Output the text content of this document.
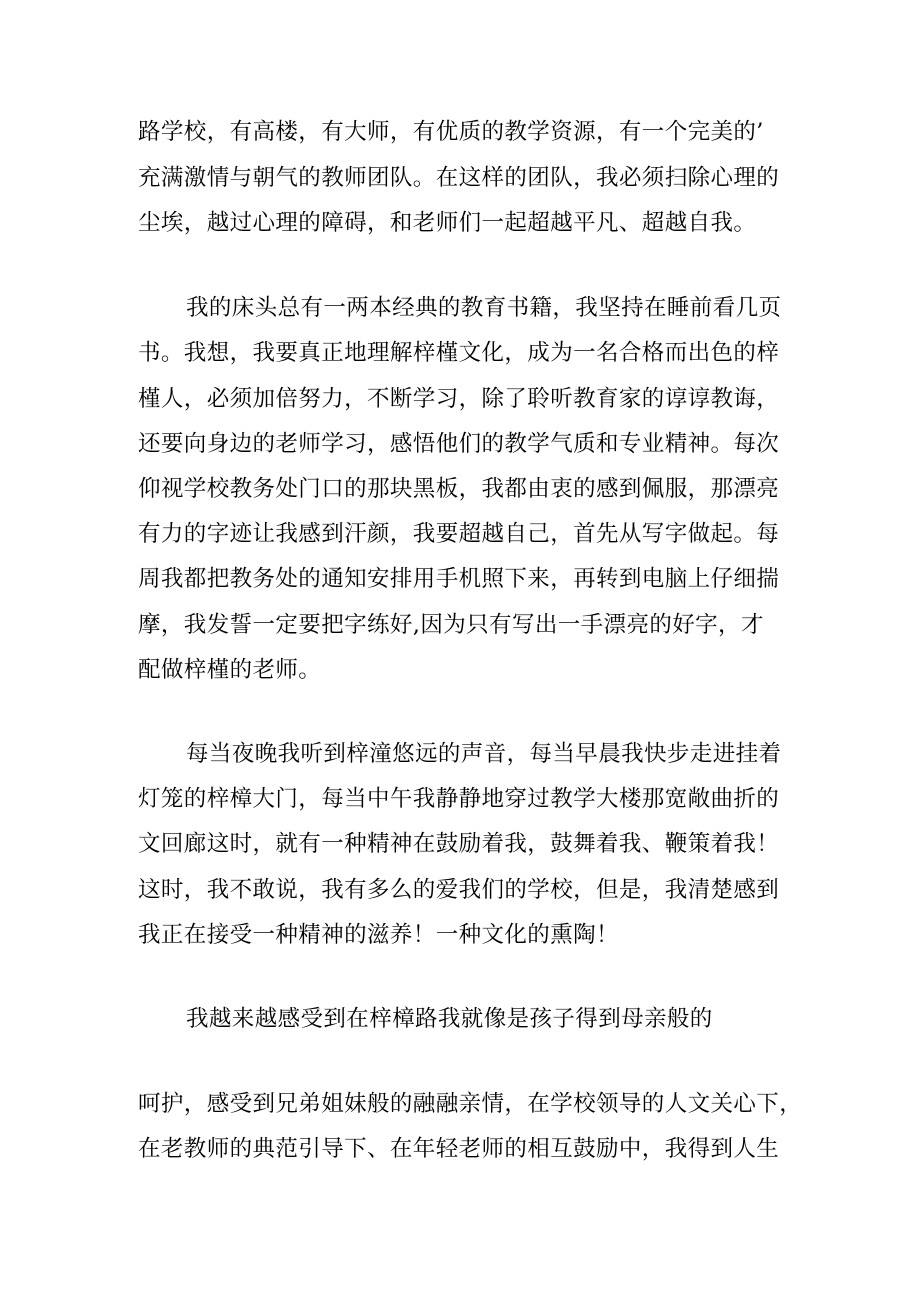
路学校，有高楼，有大师，有优质的教学资源，有一个完美的’
充满激情与朝气的教师团队。在这样的团队，我必须扫除心理的
尘埃，越过心理的障碍，和老师们一起超越平凡、超越自我。
我的床头总有一两本经典的教育书籍，我坚持在睡前看几页
书。我想，我要真正地理解梓槿文化，成为一名合格而出色的梓
槿人，必须加倍努力，不断学习，除了聆听教育家的谆谆教诲，
还要向身边的老师学习，感悟他们的教学气质和专业精神。每次
仰视学校教务处门口的那块黑板，我都由衷的感到佩服，那漂亮
有力的字迹让我感到汗颜，我要超越自己，首先从写字做起。每
周我都把教务处的通知安排用手机照下来，再转到电脑上仔细揣
摩，我发誓一定要把字练好,因为只有写出一手漂亮的好字，才
配做梓槿的老师。
每当夜晚我听到梓潼悠远的声音，每当早晨我快步走进挂着
灯笼的梓樟大门，每当中午我静静地穿过教学大楼那宽敞曲折的
文回廊这时，就有一种精神在鼓励着我，鼓舞着我、鞭策着我！
这时，我不敢说，我有多么的爱我们的学校，但是，我清楚感到
我正在接受一种精神的滋养！一种文化的熏陶！
我越来越感受到在梓樟路我就像是孩子得到母亲般的
呵护，感受到兄弟姐妹般的融融亲情，在学校领导的人文关心下，
在老教师的典范引导下、在年轻老师的相互鼓励中，我得到人生
